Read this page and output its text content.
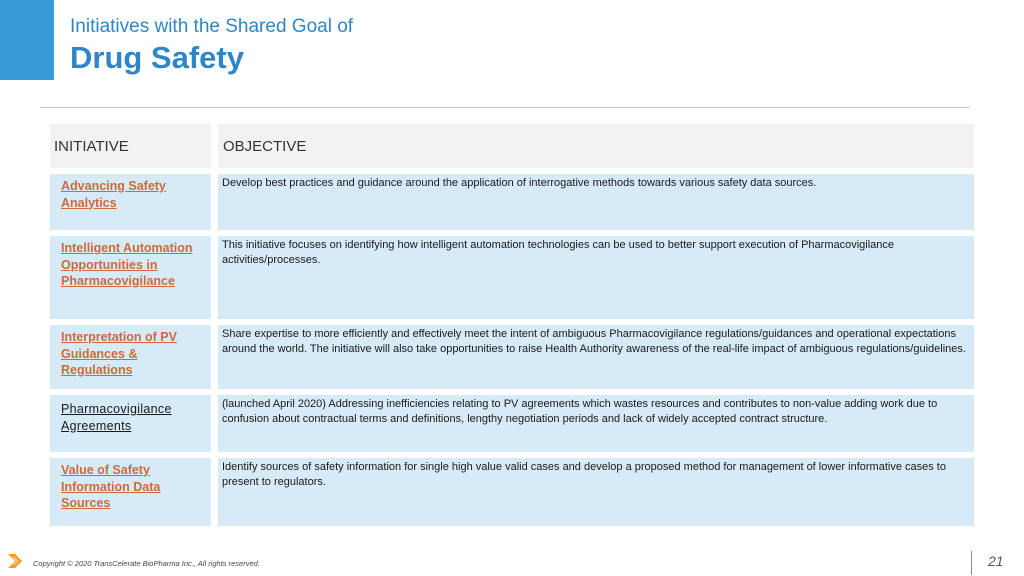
Initiatives with the Shared Goal of
Drug Safety
INITIATIVE	OBJECTIVE
Advancing Safety Analytics
Develop best practices and guidance around the application of interrogative methods towards various safety data sources.
Intelligent Automation Opportunities in Pharmacovigilance
This initiative focuses on identifying how intelligent automation technologies can be used to better support execution of Pharmacovigilance activities/processes.
Interpretation of PV Guidances & Regulations
Share expertise to more efficiently and effectively meet the intent of ambiguous Pharmacovigilance regulations/guidances and operational expectations around the world. The initiative will also take opportunities to raise Health Authority awareness of the real-life impact of ambiguous regulations/guidelines.
Pharmacovigilance Agreements
(launched April 2020) Addressing inefficiencies relating to PV agreements which wastes resources and contributes to non-value adding work due to confusion about contractual terms and definitions, lengthy negotiation periods and lack of widely accepted contract structure.
Value of Safety Information Data Sources
Identify sources of safety information for single high value valid cases and develop a proposed method for management of lower informative cases to present to regulators.
Copyright © 2020 TransCelerate BioPharma Inc., All rights reserved.	21
